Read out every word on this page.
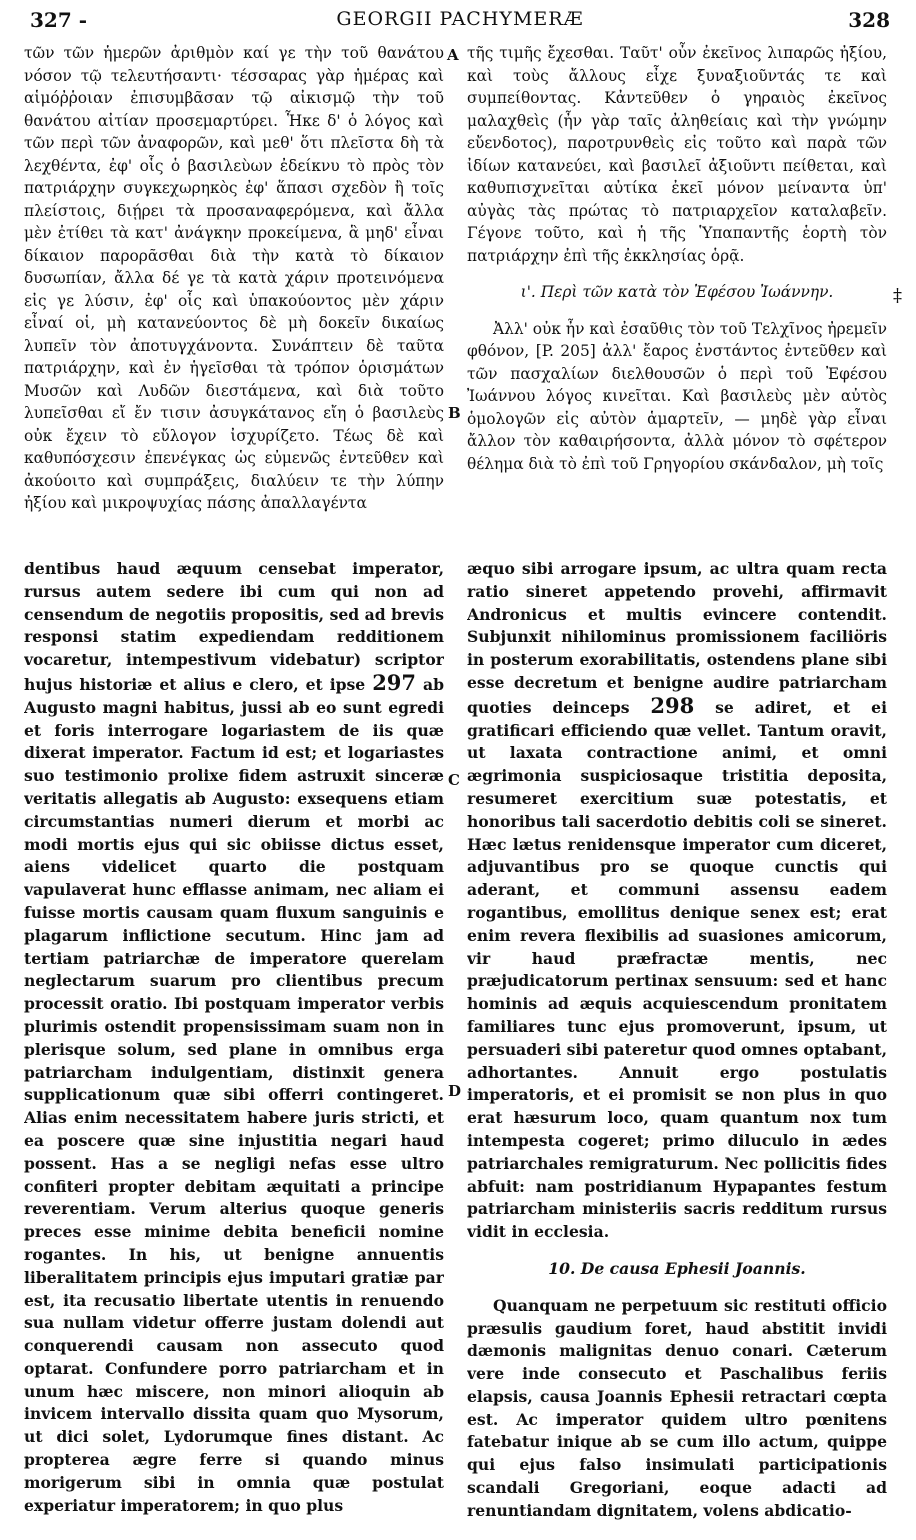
327 -	GEORGII PACHYMERÆ	328
A
B
C
D
‡

τῶν τῶν ἡμερῶν ἀριθμὸν καί γε τὴν τοῦ θανάτου νόσον τῷ τελευτήσαντι· τέσσαρας γὰρ ἡμέρας καὶ αἱμόῤῥοιαν ἐπισυμβᾶσαν τῷ αἰκισμῷ τὴν τοῦ θανάτου αἰτίαν προσεμαρτύρει. Ἧκε δ' ὁ λόγος καὶ τῶν περὶ τῶν ἀναφορῶν, καὶ μεθ' ὅτι πλεῖστα δὴ τὰ λεχθέντα, ἐφ' οἷς ὁ βασιλεὺων ἐδείκνυ τὸ πρὸς τὸν πατριάρχην συγκεχωρηκὸς ἐφ' ἅπασι σχεδὸν ἢ τοῖς πλείστοις, διῄρει τὰ προσαναφερόμενα, καὶ ἄλλα μὲν ἐτίθει τὰ κατ' ἀνάγκην προκείμενα, ἃ μηδ' εἶναι δίκαιον παρορᾶσθαι διὰ τὴν κατὰ τὸ δίκαιον δυσωπίαν, ἄλλα δέ γε τὰ κατὰ χάριν προτεινόμενα εἰς γε λύσιν, ἐφ' οἷς καὶ ὑπακούοντος μὲν χάριν εἶναί οἱ, μὴ κατανεύοντος δὲ μὴ δοκεῖν δικαίως λυπεῖν τὸν ἀποτυγχάνοντα. Συνάπτειν δὲ ταῦτα πατριάρχην, καὶ ἐν ἡγεῖσθαι τὰ τρόπον ὁρισμάτων Μυσῶν καὶ Λυδῶν διεστάμενα, καὶ διὰ τοῦτο λυπεῖσθαι εἴ ἔν τισιν ἀσυγκάτανος εἴη ὁ βασιλεὺς οὐκ ἔχειν τὸ εὔλογον ἰσχυρίζετο. Τέως δὲ καὶ καθυπόσχεσιν ἐπενέγκας ὡς εὐμενῶς ἐντεῦθεν καὶ ἀκούοιτο καὶ συμπράξεις, διαλύειν τε τὴν λύπην ἠξίου καὶ μικροψυχίας πάσης ἀπαλλαγέντα

τῆς τιμῆς ἔχεσθαι. Ταῦτ' οὖν ἐκεῖνος λιπαρῶς ἠξίου, καὶ τοὺς ἄλλους εἶχε ξυναξιοῦντάς τε καὶ συμπείθοντας. Κἀντεῦθεν ὁ γηραιὸς ἐκεῖνος μαλαχθεὶς (ἦν γὰρ ταῖς ἀληθείαις καὶ τὴν γνώμην εὔενδοτος), παροτρυνθεὶς εἰς τοῦτο καὶ παρὰ τῶν ἰδίων κατανεύει, καὶ βασιλεῖ ἀξιοῦντι πείθεται, καὶ καθυπισχνεῖται αὐτίκα ἐκεῖ μόνον μείναντα ὑπ' αὐγὰς τὰς πρώτας τὸ πατριαρχεῖον καταλαβεῖν. Γέγονε τοῦτο, καὶ ἡ τῆς Ὑπαπαντῆς ἑορτὴ τὸν πατριάρχην ἐπὶ τῆς ἐκκλησίας ὁρᾷ.

ι'. Περὶ τῶν κατὰ τὸν Ἐφέσου Ἰωάννην.

Ἀλλ' οὐκ ἦν καὶ ἐσαῦθις τὸν τοῦ Τελχῖνος ἠρεμεῖν φθόνον, [P. 205] ἀλλ' ἔαρος ἐνστάντος ἐντεῦθεν καὶ τῶν πασχαλίων διελθουσῶν ὁ περὶ τοῦ Ἐφέσου Ἰωάννου λόγος κινεῖται. Καὶ βασιλεὺς μὲν αὐτὸς ὁμολογῶν εἰς αὐτὸν ἁμαρτεῖν, — μηδὲ γὰρ εἶναι ἄλλον τὸν καθαιρήσοντα, ἀλλὰ μόνον τὸ σφέτερον θέλημα διὰ τὸ ἐπὶ τοῦ Γρηγορίου σκάνδαλον, μὴ τοῖς

dentibus haud æquum censebat imperator, rursus autem sedere ibi cum qui non ad censendum de negotiis propositis, sed ad brevis responsi statim expediendam redditionem vocaretur, intempestivum videbatur) scriptor hujus historiæ et alius e clero, et ipse 297 ab Augusto magni habitus, jussi ab eo sunt egredi et foris interrogare logariastem de iis quæ dixerat imperator. Factum id est; et logariastes suo testimonio prolixe fidem astruxit sinceræ veritatis allegatis ab Augusto: exsequens etiam circumstantias numeri dierum et morbi ac modi mortis ejus qui sic obiisse dictus esset, aiens videlicet quarto die postquam vapulaverat hunc efflasse animam, nec aliam ei fuisse mortis causam quam fluxum sanguinis e plagarum inflictione secutum. Hinc jam ad tertiam patriarchæ de imperatore querelam neglectarum suarum pro clientibus precum processit oratio. Ibi postquam imperator verbis plurimis ostendit propensissimam suam non in plerisque solum, sed plane in omnibus erga patriarcham indulgentiam, distinxit genera supplicationum quæ sibi offerri contingeret. Alias enim necessitatem habere juris stricti, et ea poscere quæ sine injustitia negari haud possent. Has a se negligi nefas esse ultro confiteri propter debitam æquitati a principe reverentiam. Verum alterius quoque generis preces esse minime debita beneficii nomine rogantes. In his, ut benigne annuentis liberalitatem principis ejus imputari gratiæ par est, ita recusatio libertate utentis in renuendo sua nullam videtur offerre justam dolendi aut conquerendi causam non assecuto quod optarat. Confundere porro patriarcham et in unum hæc miscere, non minori alioquin ab invicem intervallo dissita quam quo Mysorum, ut dici solet, Lydorumque fines distant. Ac propterea ægre ferre si quando minus morigerum sibi in omnia quæ postulat experiatur imperatorem; in quo plus

æquo sibi arrogare ipsum, ac ultra quam recta ratio sineret appetendo provehi, affirmavit Andronicus et multis evincere contendit. Subjunxit nihilominus promissionem faciliöris in posterum exorabilitatis, ostendens plane sibi esse decretum et benigne audire patriarcham quoties deinceps 298 se adiret, et ei gratificari efficiendo quæ vellet. Tantum oravit, ut laxata contractione animi, et omni ægrimonia suspiciosaque tristitia deposita, resumeret exercitium suæ potestatis, et honoribus tali sacerdotio debitis coli se sineret. Hæc lætus renidensque imperator cum diceret, adjuvantibus pro se quoque cunctis qui aderant, et communi assensu eadem rogantibus, emollitus denique senex est; erat enim revera flexibilis ad suasiones amicorum, vir haud præfractæ mentis, nec præjudicatorum pertinax sensuum: sed et hanc hominis ad æquis acquiescendum pronitatem familiares tunc ejus promoverunt, ipsum, ut persuaderi sibi pateretur quod omnes optabant, adhortantes. Annuit ergo postulatis imperatoris, et ei promisit se non plus in quo erat hæsurum loco, quam quantum nox tum intempesta cogeret; primo diluculo in ædes patriarchales remigraturum. Nec pollicitis fides abfuit: nam postridianum Hypapantes festum patriarcham ministeriis sacris redditum rursus vidit in ecclesia.

10. De causa Ephesii Joannis.

Quanquam ne perpetuum sic restituti officio præsulis gaudium foret, haud abstitit invidi dæmonis malignitas denuo conari. Cæterum vere inde consecuto et Paschalibus feriis elapsis, causa Joannis Ephesii retractari cœpta est. Ac imperator quidem ultro pœnitens fatebatur inique ab se cum illo actum, quippe qui ejus falso insimulati participationis scandali Gregoriani, eoque adacti ad renuntiandam dignitatem, volens abdicatio-
